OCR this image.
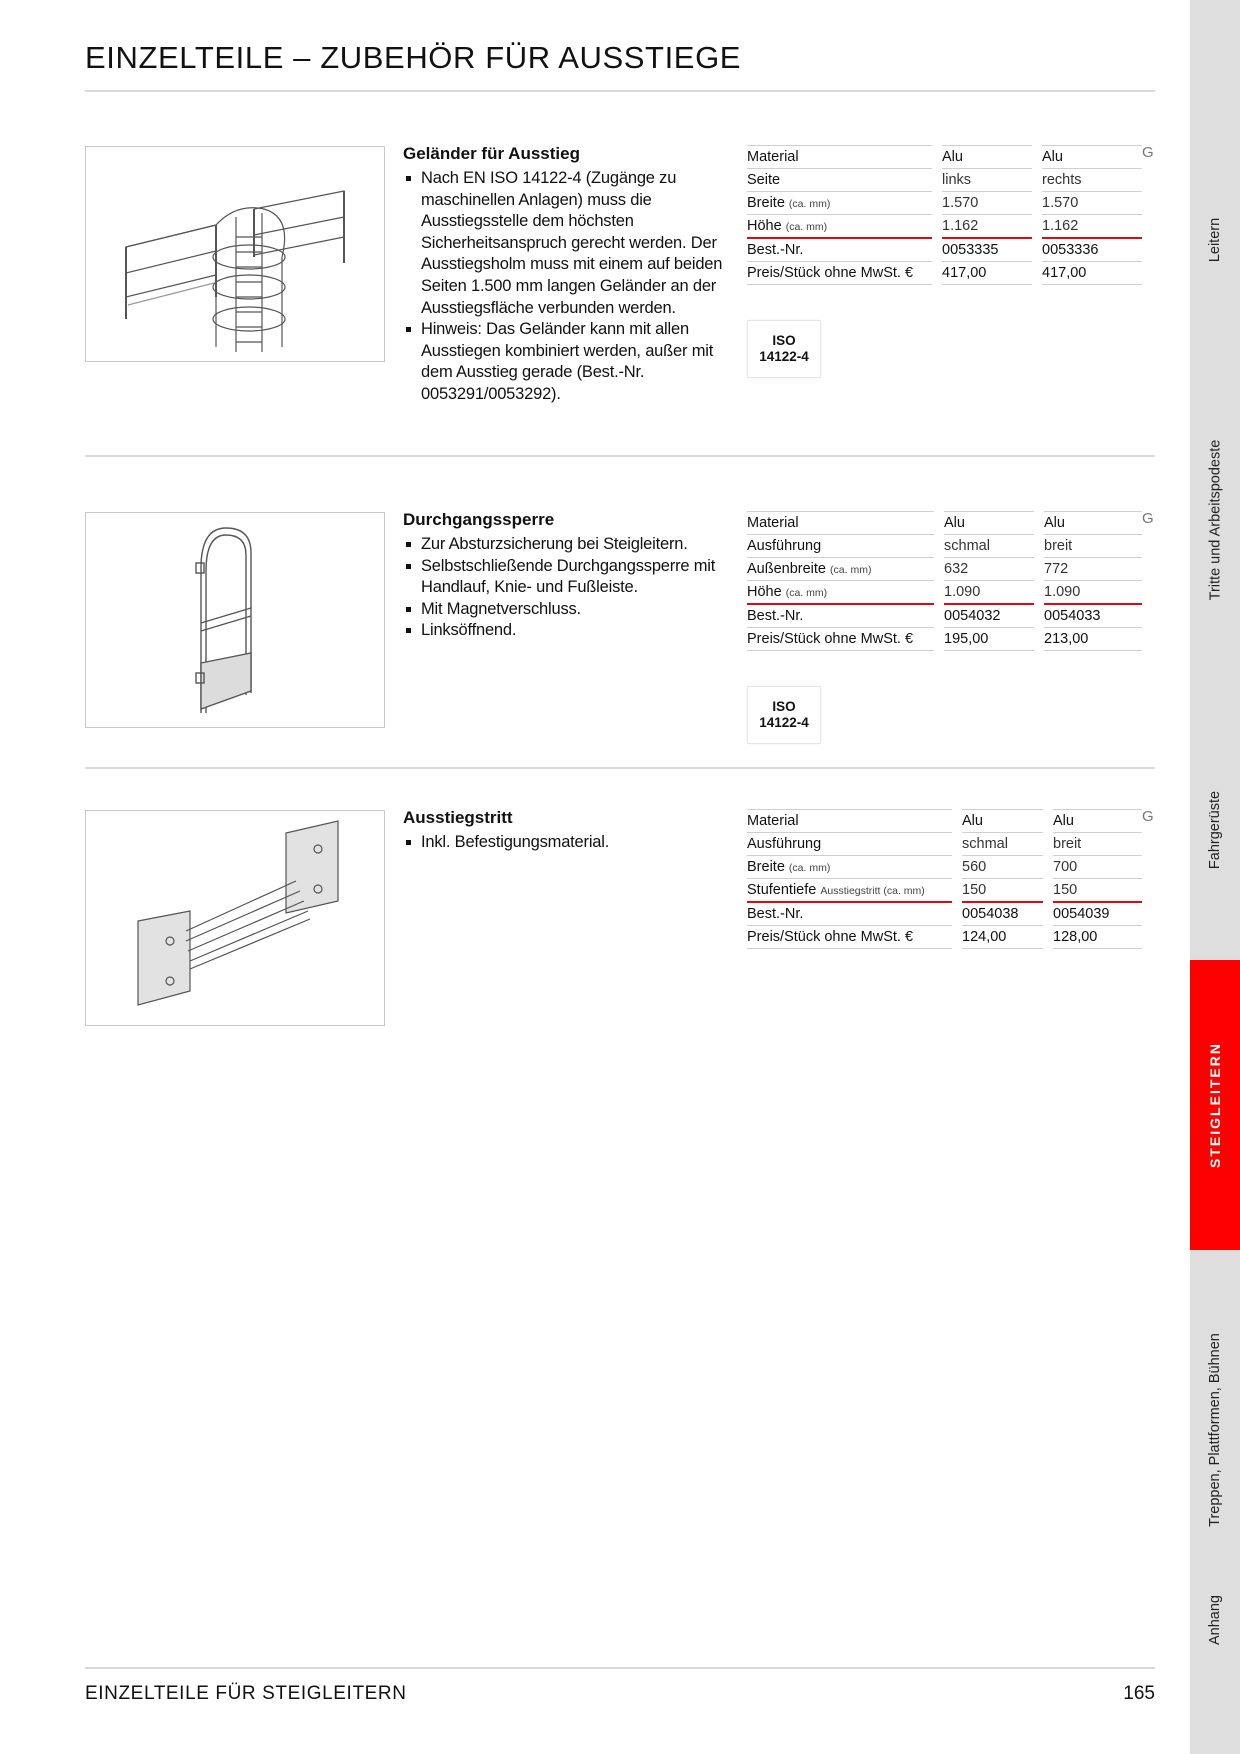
EINZELTEILE – ZUBEHÖR FÜR AUSSTIEGE

Geländer für Ausstieg

Nach EN ISO 14122-4 (Zugänge zu maschinellen Anlagen) muss die Ausstiegsstelle dem höchsten Sicherheitsanspruch gerecht werden. Der Ausstiegsholm muss mit einem auf beiden Seiten 1.500 mm langen Geländer an der Ausstiegsfläche verbunden werden.
Hinweis: Das Geländer kann mit allen Ausstiegen kombiniert werden, außer mit dem Ausstieg gerade (Best.-Nr. 0053291/0053292).
Material		Alu		Alu
Seite		links		rechts
Breite (ca. mm)		1.570		1.570
Höhe (ca. mm)		1.162		1.162
Best.-Nr.		0053335		0053336
Preis/Stück ohne MwSt. €		417,00		417,00
G
ISO
14122-4

Durchgangssperre

Zur Absturzsicherung bei Steigleitern.
Selbstschließende Durchgangssperre mit Handlauf, Knie- und Fußleiste.
Mit Magnetverschluss.
Linksöffnend.
Material		Alu		Alu
Ausführung		schmal		breit
Außenbreite (ca. mm)		632		772
Höhe (ca. mm)		1.090		1.090
Best.-Nr.		0054032		0054033
Preis/Stück ohne MwSt. €		195,00		213,00
G
ISO
14122-4

Ausstiegstritt

Inkl. Befestigungsmaterial.
Material		Alu		Alu
Ausführung		schmal		breit
Breite (ca. mm)		560		700
Stufentiefe Ausstiegstritt (ca. mm)		150		150
Best.-Nr.		0054038		0054039
Preis/Stück ohne MwSt. €		124,00		128,00
G
Leitern
Tritte und Arbeitspodeste
Fahrgerüste
STEIGLEITERN
Treppen, Plattformen, Bühnen
Anhang
EINZELTEILE FÜR STEIGLEITERN	165
